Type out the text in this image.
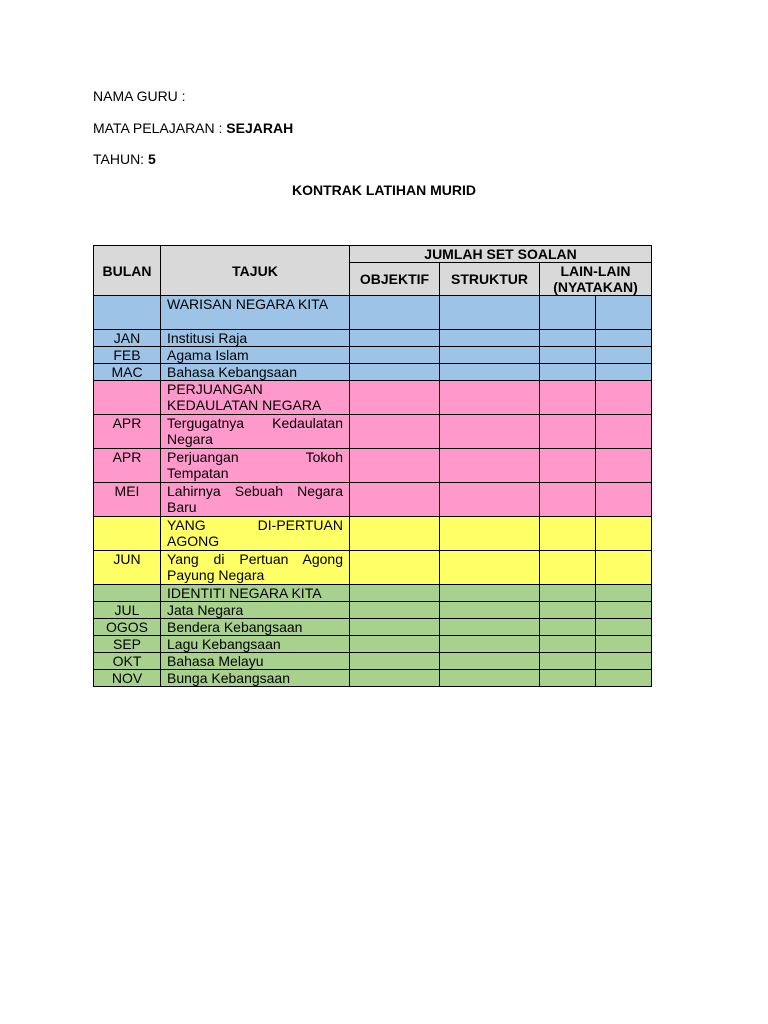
NAMA GURU :
MATA PELAJARAN : SEJARAH
TAHUN: 5
KONTRAK LATIHAN MURID
BULAN	TAJUK	JUMLAH SET SOALAN			
		OBJEKTIF	STRUKTUR	LAIN-LAIN (NYATAKAN)	
	WARISAN NEGARA KITA				
JAN	Institusi Raja				
FEB	Agama Islam				
MAC	Bahasa Kebangsaan				
	PERJUANGAN KEDAULATAN NEGARA				
APR	Tergugatnya Kedaulatan Negara				
APR	Perjuangan Tokoh Tempatan				
MEI	Lahirnya Sebuah Negara Baru				
	YANG DI-PERTUAN AGONG				
JUN	Yang di Pertuan Agong Payung Negara				
	IDENTITI NEGARA KITA				
JUL	Jata Negara				
OGOS	Bendera Kebangsaan				
SEP	Lagu Kebangsaan				
OKT	Bahasa Melayu				
NOV	Bunga Kebangsaan				
